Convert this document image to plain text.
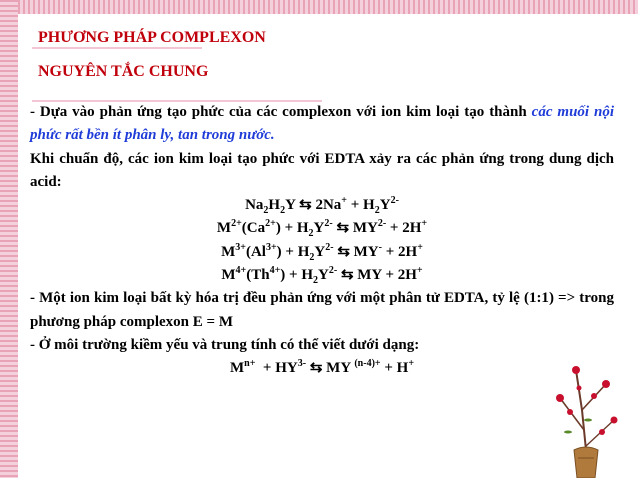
PHƯƠNG PHÁP COMPLEXON
NGUYÊN TẮC CHUNG

- Dựa vào phản ứng tạo phức của các complexon với ion kim loại tạo thành các muối nội phức rất bền ít phân ly, tan trong nước.

Khi chuẩn độ, các ion kim loại tạo phức với EDTA xảy ra các phản ứng trong dung dịch acid:

$Na_2H_2Y$ ⇆ $2Na^+ + H_2Y^{2-}$

$M^{2+}(Ca^{2+}) + H_2Y^{2-}$ ⇆ $MY^{2-} + 2H^+$

$M^{3+}(Al^{3+}) + H_2Y^{2-}$ ⇆ MY- + 2H+

$M^{4+}(Th^{4+}) + H_2Y^{2-}$ ⇆ MY + 2H+

- Một ion kim loại bất kỳ hóa trị đều phản ứng với một phân tử EDTA, tỷ lệ (1:1) => trong phương pháp complexon E = M

- Ở môi trường kiềm yếu và trung tính có thể viết dưới dạng:

$M^{n+} + HY^{3-}$ ⇆ MY $^{(n-4)+}$ + H+
